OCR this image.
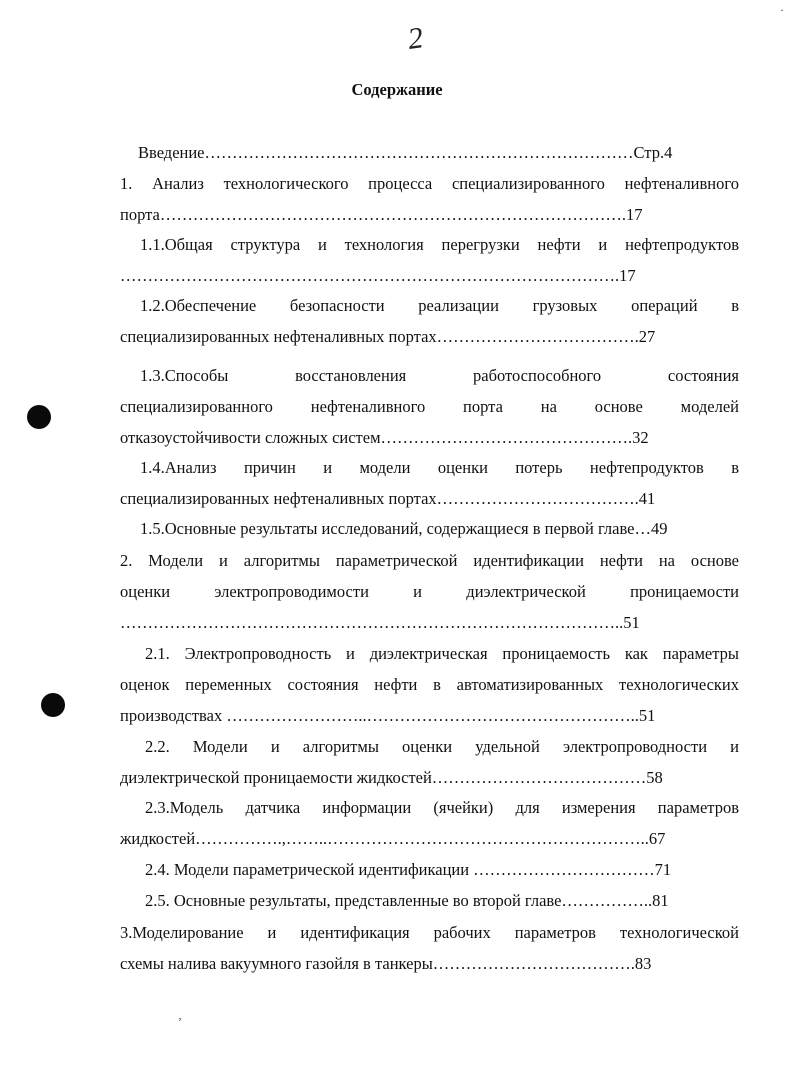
·
2
Содержание
Введение……………………………………………………………………Стр.4
1. Анализ технологического процесса специализированного нефтеналивного
порта………………………………………………………………………….17
1.1.Общая структура и технология перегрузки нефти и нефтепродуктов
……………………………………………………………………………….17
1.2.Обеспечение безопасности реализации грузовых операций в
специализированных нефтеналивных портах……………………………….27
1.3.Способы восстановления работоспособного состояния
специализированного нефтеналивного порта на основе моделей
отказоустойчивости сложных систем……………………………………….32
1.4.Анализ причин и модели оценки потерь нефтепродуктов в
специализированных нефтеналивных портах……………………………….41
1.5.Основные результаты исследований, содержащиеся в первой главе…49
2. Модели и алгоритмы параметрической идентификации нефти на основе
оценки электропроводимости и диэлектрической проницаемости
………………………………………………………………………………..51
2.1. Электропроводность и диэлектрическая проницаемость как параметры
оценок переменных состояния нефти в автоматизированных технологических
производствах ……………………..…………………………………………..51
2.2. Модели и алгоритмы оценки удельной электропроводности и
диэлектрической проницаемости жидкостей…………………………………58
2.3.Модель датчика информации (ячейки) для измерения параметров
жидкостей…………….,……..…………………………………………………..67
2.4. Модели параметрической идентификации ……………………………71
2.5. Основные результаты, представленные во второй главе……………..81
3.Моделирование и идентификация рабочих параметров технологической
схемы налива вакуумного газойля в танкеры……………………………….83
ʼ
